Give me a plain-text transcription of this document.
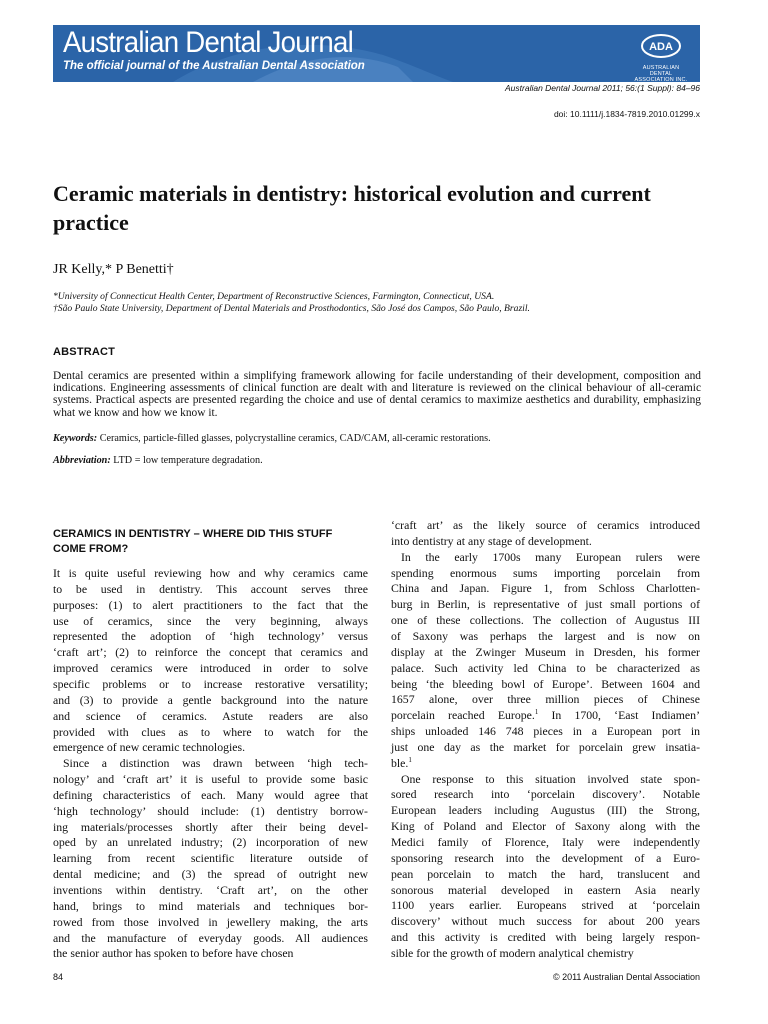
Australian Dental Journal
The official journal of the Australian Dental Association
ADA
AUSTRALIAN DENTAL ASSOCIATION INC.
Australian Dental Journal 2011; 56:(1 Suppl): 84–96
doi: 10.1111/j.1834-7819.2010.01299.x
Ceramic materials in dentistry: historical evolution and current practice
JR Kelly,* P Benetti†
*University of Connecticut Health Center, Department of Reconstructive Sciences, Farmington, Connecticut, USA.
†São Paulo State University, Department of Dental Materials and Prosthodontics, São José dos Campos, São Paulo, Brazil.
ABSTRACT
Dental ceramics are presented within a simplifying framework allowing for facile understanding of their development, composition and indications. Engineering assessments of clinical function are dealt with and literature is reviewed on the clinical behaviour of all-ceramic systems. Practical aspects are presented regarding the choice and use of dental ceramics to maximize aesthetics and durability, emphasizing what we know and how we know it.
Keywords: Ceramics, particle-filled glasses, polycrystalline ceramics, CAD/CAM, all-ceramic restorations.
Abbreviation: LTD = low temperature degradation.
CERAMICS IN DENTISTRY – WHERE DID THIS STUFF COME FROM?
It is quite useful reviewing how and why ceramics came
to be used in dentistry. This account serves three
purposes: (1) to alert practitioners to the fact that the
use of ceramics, since the very beginning, always
represented the adoption of ‘high technology’ versus
‘craft art’; (2) to reinforce the concept that ceramics and
improved ceramics were introduced in order to solve
specific problems or to increase restorative versatility;
and (3) to provide a gentle background into the nature
and science of ceramics. Astute readers are also
provided with clues as to where to watch for the
emergence of new ceramic technologies.
Since a distinction was drawn between ‘high tech-
nology’ and ‘craft art’ it is useful to provide some basic
defining characteristics of each. Many would agree that
‘high technology’ should include: (1) dentistry borrow-
ing materials/processes shortly after their being devel-
oped by an unrelated industry; (2) incorporation of new
learning from recent scientific literature outside of
dental medicine; and (3) the spread of outright new
inventions within dentistry. ‘Craft art’, on the other
hand, brings to mind materials and techniques bor-
rowed from those involved in jewellery making, the arts
and the manufacture of everyday goods. All audiences
the senior author has spoken to before have chosen
‘craft art’ as the likely source of ceramics introduced
into dentistry at any stage of development.
In the early 1700s many European rulers were
spending enormous sums importing porcelain from
China and Japan. Figure 1, from Schloss Charlotten-
burg in Berlin, is representative of just small portions of
one of these collections. The collection of Augustus III
of Saxony was perhaps the largest and is now on
display at the Zwinger Museum in Dresden, his former
palace. Such activity led China to be characterized as
being ‘the bleeding bowl of Europe’. Between 1604 and
1657 alone, over three million pieces of Chinese
porcelain reached Europe.$^1$ In 1700, ‘East Indiamen’
ships unloaded 146 748 pieces in a European port in
just one day as the market for porcelain grew insatia-
ble.$^1$
One response to this situation involved state spon-
sored research into ‘porcelain discovery’. Notable
European leaders including Augustus (III) the Strong,
King of Poland and Elector of Saxony along with the
Medici family of Florence, Italy were independently
sponsoring research into the development of a Euro-
pean porcelain to match the hard, translucent and
sonorous material developed in eastern Asia nearly
1100 years earlier. Europeans strived at ‘porcelain
discovery’ without much success for about 200 years
and this activity is credited with being largely respon-
sible for the growth of modern analytical chemistry
84	© 2011 Australian Dental Association
